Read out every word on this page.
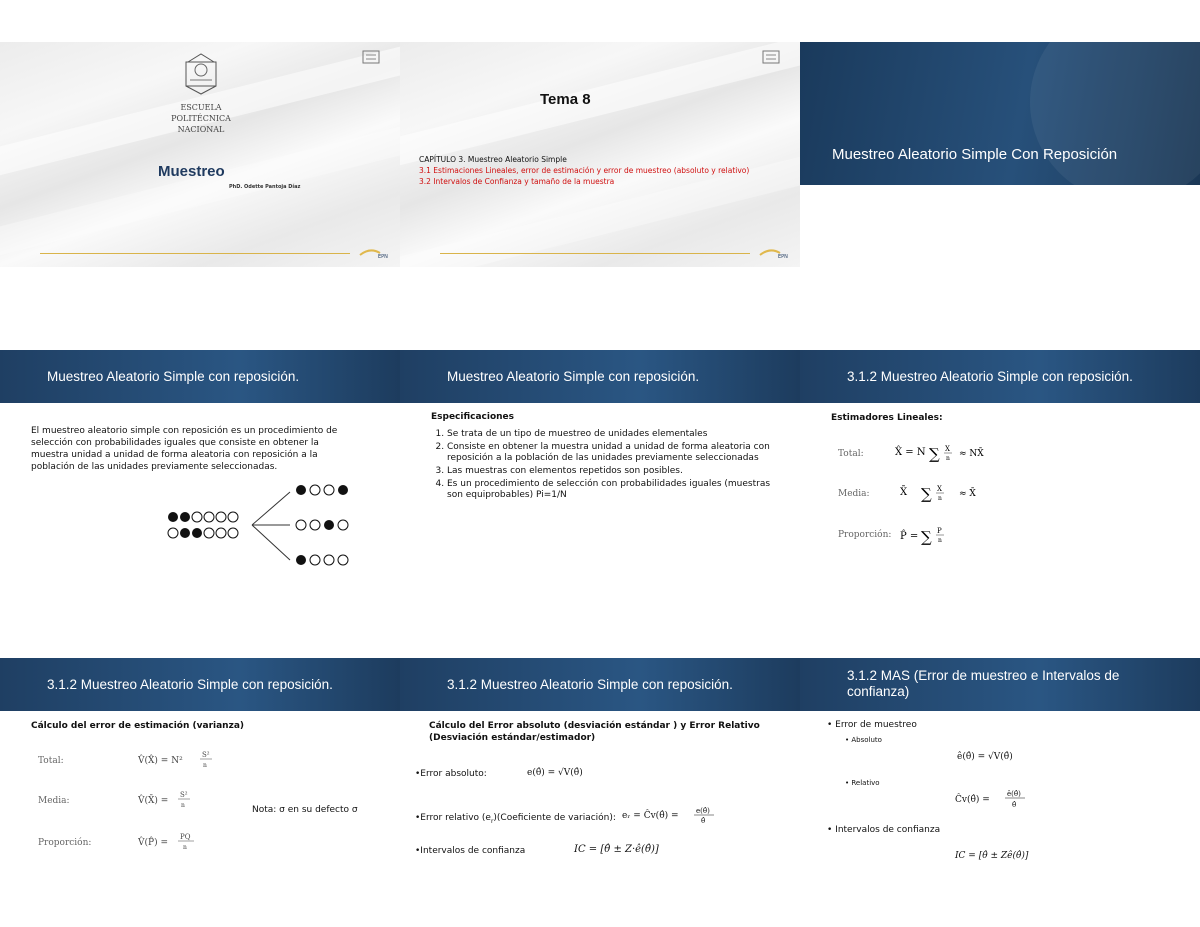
ESCUELA
POLITÉCNICA
NACIONAL
Muestreo
PhD. Odette Pantoja Díaz
EPN
Tema 8
CAPÍTULO 3. Muestreo Aleatorio Simple
3.1 Estimaciones Lineales, error de estimación y error de muestreo (absoluto y relativo)
3.2 Intervalos de Confianza y tamaño de la muestra
EPN
Muestreo Aleatorio Simple Con Reposición
Muestreo Aleatorio Simple con reposición.
El muestreo aleatorio simple con reposición es un procedimiento de selección con probabilidades iguales que consiste en obtener la muestra unidad a unidad de forma aleatoria con reposición a la población de las unidades previamente seleccionadas.
Muestreo Aleatorio Simple con reposición.
Especificaciones
1. Se trata de un tipo de muestreo de unidades elementales
2. Consiste en obtener la muestra unidad a unidad de forma aleatoria con reposición a la población de las unidades previamente seleccionadas
3. Las muestras con elementos repetidos son posibles.
4. Es un procedimiento de selección con probabilidades iguales (muestras son equiprobables) Pi=1/N
3.1.2 Muestreo Aleatorio Simple con reposición.
Estimadores Lineales:
Total:
Media:
Proporción:
X̂ = N ∑ X
n ≈ NX̄
X̄ ∑ X
n ≈ X̄
P̂ = ∑ P
n
3.1.2 Muestreo Aleatorio Simple con reposición.
Cálculo del error de estimación (varianza)
Total:
Media:
Proporción:
V̂(X̂) = N²
S²
n
V̂(X̄) =
S²
n
V̂(P̂) =
PQ
n
Nota: σ en su defecto σ
3.1.2 Muestreo Aleatorio Simple con reposición.
Cálculo del Error absoluto (desviación estándar ) y Error Relativo (Desviación estándar/estimador)
•Error absoluto:	e(θ̂) = √V(θ̂)
•Error relativo $(e_r)(Coeficiente$ de variación): eᵣ = Ĉv(θ̂) = e(θ̂)
θ̂
•Intervalos de confianza	IC = [θ̂ ± Z·ê(θ̂)]
3.1.2 MAS (Error de muestreo e Intervalos de confianza)
• Error de muestreo
• Absoluto
ê(θ̂) = √V(θ̂)
• Relativo
Ĉv(θ̂) =
ê(θ̂)
θ̂
• Intervalos de confianza
IC = [θ̂ ± Zê(θ̂)]
